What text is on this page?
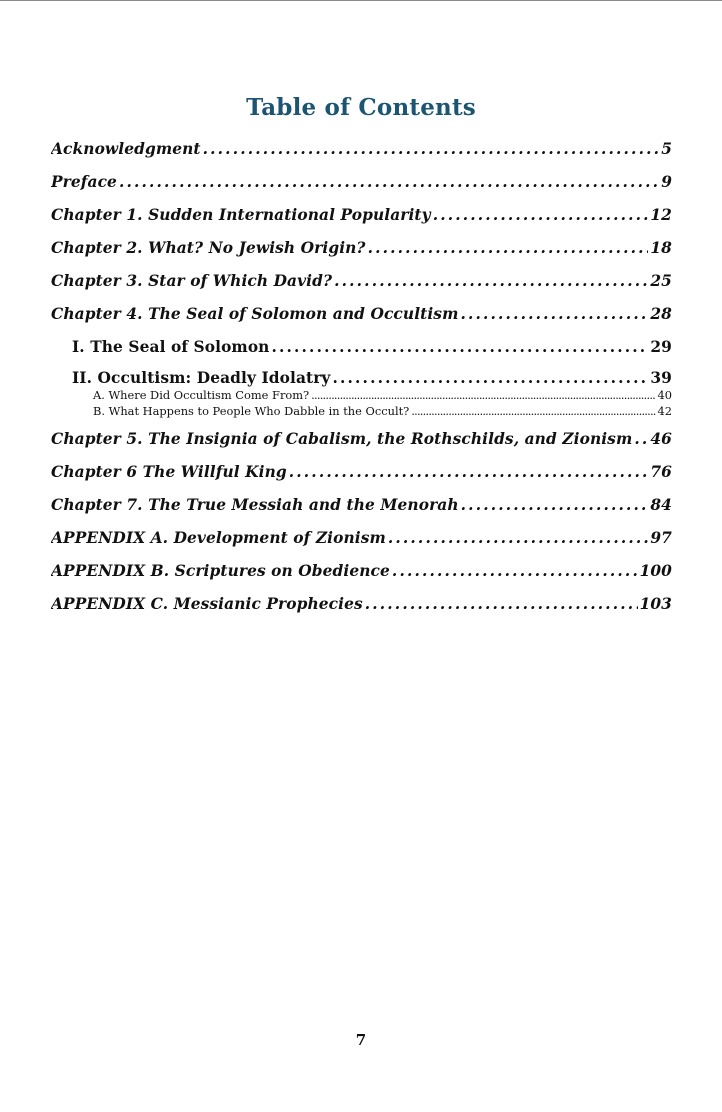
Table of Contents
Acknowledgment . . .	5
Preface . . .	9
Chapter 1. Sudden International Popularity . . .	12
Chapter 2. What? No Jewish Origin? . . .	18
Chapter 3. Star of Which David? . . .	25
Chapter 4. The Seal of Solomon and Occultism . . .	28
I. The Seal of Solomon . . .	29
II. Occultism: Deadly Idolatry . . .	39
A. Where Did Occultism Come From? . . .	40
B. What Happens to People Who Dabble in the Occult? . . .	42
Chapter 5. The Insignia of Cabalism, the Rothschilds, and Zionism . . . 46
Chapter 6 The Willful King . . .	76
Chapter 7. The True Messiah and the Menorah . . .	84
APPENDIX A. Development of Zionism . . .	97
APPENDIX B. Scriptures on Obedience . . .	100
APPENDIX C. Messianic Prophecies . . .	103
7
